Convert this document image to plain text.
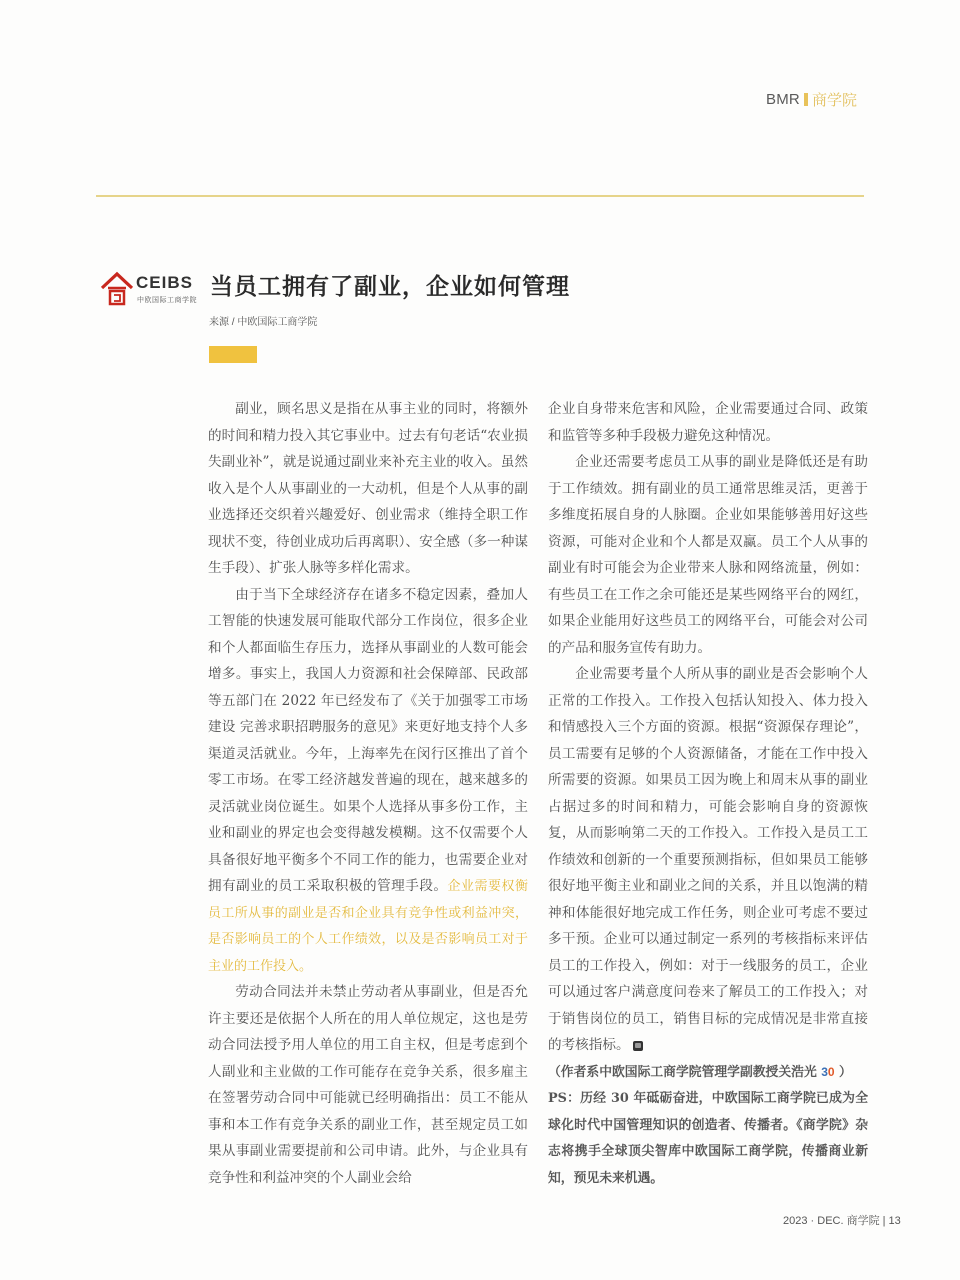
BMR 商学院
CEIBS
中欧国际工商学院 当员工拥有了副业，企业如何管理
来源 / 中欧国际工商学院

副业，顾名思义是指在从事主业的同时，将额外的时间和精力投入其它事业中。过去有句老话“农业损失副业补”，就是说通过副业来补充主业的收入。虽然收入是个人从事副业的一大动机，但是个人从事的副业选择还交织着兴趣爱好、创业需求（维持全职工作现状不变，待创业成功后再离职）、安全感（多一种谋生手段）、扩张人脉等多样化需求。

由于当下全球经济存在诸多不稳定因素，叠加人工智能的快速发展可能取代部分工作岗位，很多企业和个人都面临生存压力，选择从事副业的人数可能会增多。事实上，我国人力资源和社会保障部、民政部等五部门在 2022 年已经发布了《关于加强零工市场建设 完善求职招聘服务的意见》来更好地支持个人多渠道灵活就业。今年，上海率先在闵行区推出了首个零工市场。在零工经济越发普遍的现在，越来越多的灵活就业岗位诞生。如果个人选择从事多份工作，主业和副业的界定也会变得越发模糊。这不仅需要个人具备很好地平衡多个不同工作的能力，也需要企业对拥有副业的员工采取积极的管理手段。企业需要权衡员工所从事的副业是否和企业具有竞争性或利益冲突，是否影响员工的个人工作绩效，以及是否影响员工对于主业的工作投入。

劳动合同法并未禁止劳动者从事副业，但是否允许主要还是依据个人所在的用人单位规定，这也是劳动合同法授予用人单位的用工自主权，但是考虑到个人副业和主业做的工作可能存在竞争关系，很多雇主在签署劳动合同中可能就已经明确指出：员工不能从事和本工作有竞争关系的副业工作，甚至规定员工如果从事副业需要提前和公司申请。此外，与企业具有竞争性和利益冲突的个人副业会给

企业自身带来危害和风险，企业需要通过合同、政策和监管等多种手段极力避免这种情况。

企业还需要考虑员工从事的副业是降低还是有助于工作绩效。拥有副业的员工通常思维灵活，更善于多维度拓展自身的人脉圈。企业如果能够善用好这些资源，可能对企业和个人都是双赢。员工个人从事的副业有时可能会为企业带来人脉和网络流量，例如：有些员工在工作之余可能还是某些网络平台的网红，如果企业能用好这些员工的网络平台，可能会对公司的产品和服务宣传有助力。

企业需要考量个人所从事的副业是否会影响个人正常的工作投入。工作投入包括认知投入、体力投入和情感投入三个方面的资源。根据“资源保存理论”，员工需要有足够的个人资源储备，才能在工作中投入所需要的资源。如果员工因为晚上和周末从事的副业占据过多的时间和精力，可能会影响自身的资源恢复，从而影响第二天的工作投入。工作投入是员工工作绩效和创新的一个重要预测指标，但如果员工能够很好地平衡主业和副业之间的关系，并且以饱满的精神和体能很好地完成工作任务，则企业可考虑不要过多干预。企业可以通过制定一系列的考核指标来评估员工的工作投入，例如：对于一线服务的员工，企业可以通过客户满意度问卷来了解员工的工作投入；对于销售岗位的员工，销售目标的完成情况是非常直接的考核指标。

（作者系中欧国际工商学院管理学副教授关浩光 30 ）

PS：历经 30 年砥砺奋进，中欧国际工商学院已成为全球化时代中国管理知识的创造者、传播者。《商学院》杂志将携手全球顶尖智库中欧国际工商学院，传播商业新知，预见未来机遇。

2023 · DEC. 商学院 | 13
